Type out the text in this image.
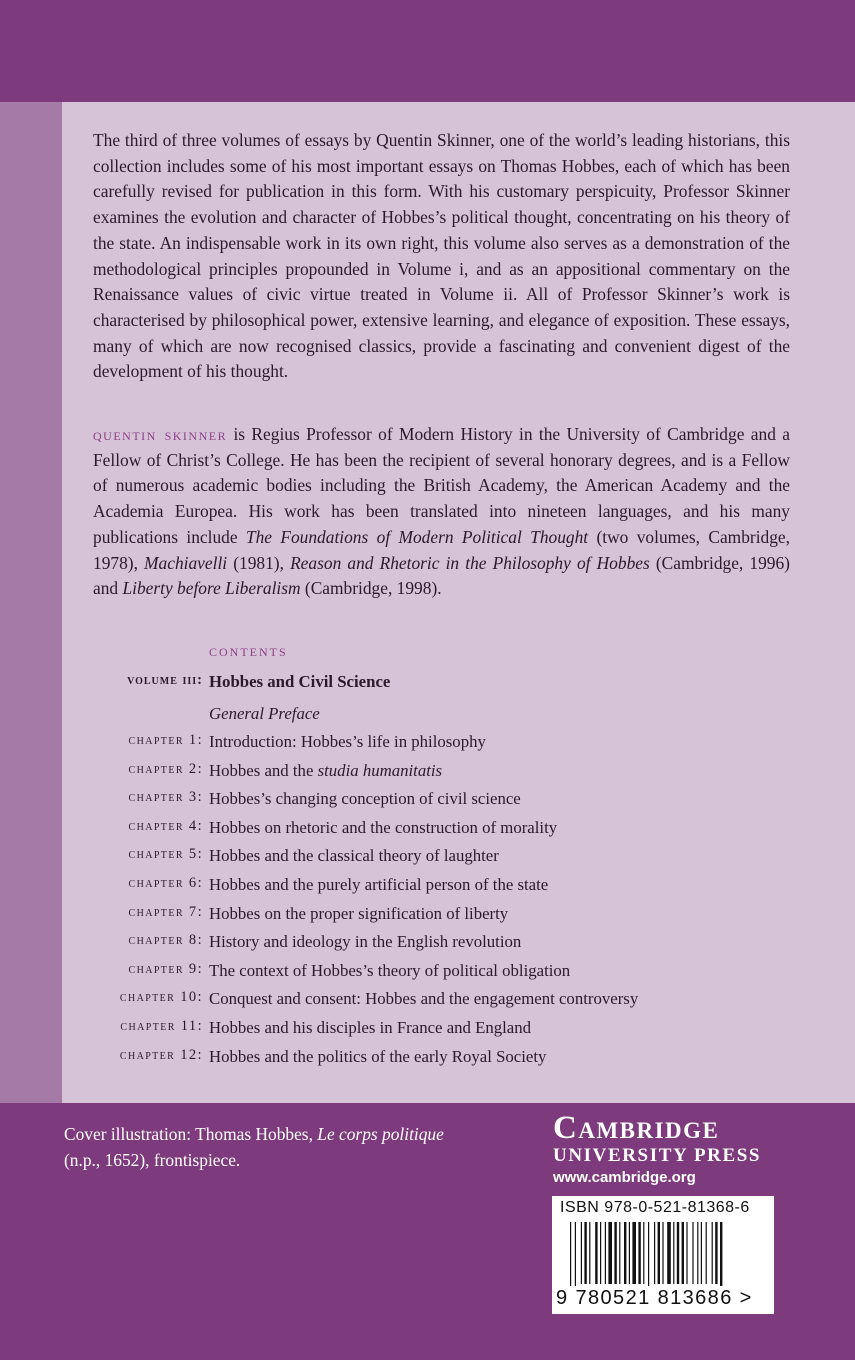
The third of three volumes of essays by Quentin Skinner, one of the world’s leading historians, this collection includes some of his most important essays on Thomas Hobbes, each of which has been carefully revised for publication in this form. With his customary perspicuity, Professor Skinner examines the evolution and character of Hobbes’s political thought, concentrating on his theory of the state. An indispensable work in its own right, this volume also serves as a demonstration of the methodological principles propounded in Volume i, and as an appositional commentary on the Renaissance values of civic virtue treated in Volume ii. All of Professor Skinner’s work is characterised by philosophical power, extensive learning, and elegance of exposition. These essays, many of which are now recognised classics, provide a fascinating and convenient digest of the development of his thought.

quentin skinner is Regius Professor of Modern History in the University of Cambridge and a Fellow of Christ’s College. He has been the recipient of several honorary degrees, and is a Fellow of numerous academic bodies including the British Academy, the American Academy and the Academia Europea. His work has been translated into nineteen languages, and his many publications include The Foundations of Modern Political Thought (two volumes, Cambridge, 1978), Machiavelli (1981), Reason and Rhetoric in the Philosophy of Hobbes (Cambridge, 1996) and Liberty before Liberalism (Cambridge, 1998).

contents

volume iii: Hobbes and Civil Science
General Preface
chapter 1: Introduction: Hobbes’s life in philosophy
chapter 2: Hobbes and the studia humanitatis
chapter 3: Hobbes’s changing conception of civil science
chapter 4: Hobbes on rhetoric and the construction of morality
chapter 5: Hobbes and the classical theory of laughter
chapter 6: Hobbes and the purely artificial person of the state
chapter 7: Hobbes on the proper signification of liberty
chapter 8: History and ideology in the English revolution
chapter 9: The context of Hobbes’s theory of political obligation
chapter 10: Conquest and consent: Hobbes and the engagement controversy
chapter 11: Hobbes and his disciples in France and England
chapter 12: Hobbes and the politics of the early Royal Society

Cover illustration: Thomas Hobbes, Le corps politique (n.p., 1652), frontispiece.

Cambridge

UNIVERSITY PRESS

www.cambridge.org
ISBN 978-0-521-81368-6
9 780521 813686 >
